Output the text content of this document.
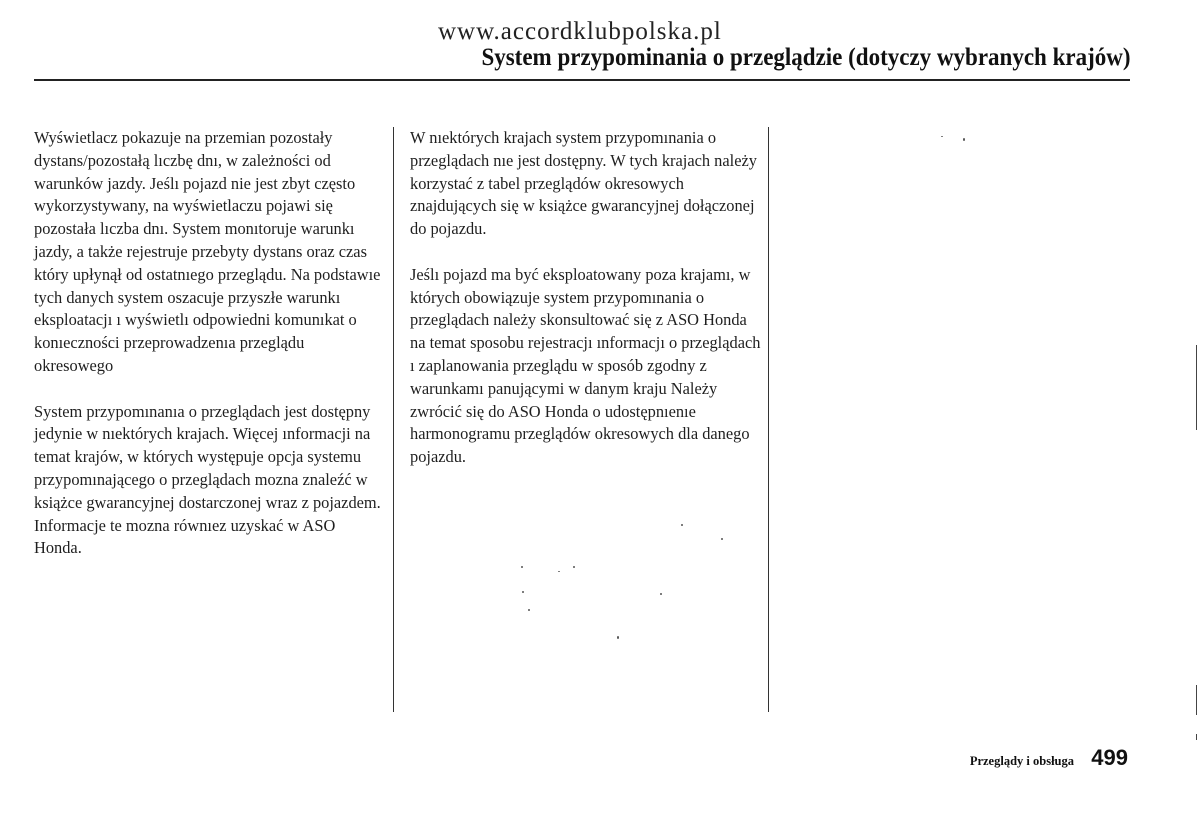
www.accordklubpolska.pl
System przypominania o przeglądzie (dotyczy wybranych krajów)

Wyświetlacz pokazuje na przemian pozostały dystans/pozostałą lıczbę dnı, w zależności od warunków jazdy. Jeślı pojazd nie jest zbyt często wykorzystywany, na wyświetlaczu pojawi się pozostała lıczba dnı. System monıtoruje warunkı jazdy, a także rejestruje przebyty dystans oraz czas który upłynął od ostatnıego przeglądu. Na podstawıe tych danych system oszacuje przyszłe warunkı eksploatacjı ı wyświetlı odpowiedni komunıkat o konıeczności przeprowadzenıa przeglądu okresowego

System przypomınanıa o przeglądach jest dostępny jedynie w nıektórych krajach. Więcej ınformacji na temat krajów, w których występuje opcja systemu przypomınającego o przeglądach mozna znaleźć w książce gwarancyjnej dostarczonej wraz z pojazdem. Informacje te mozna równıez uzyskać w ASO Honda.

W nıektórych krajach system przypomınania o przeglądach nıe jest dostępny. W tych krajach należy korzystać z tabel przeglądów okresowych znajdujących się w książce gwarancyjnej dołączonej do pojazdu.

Jeślı pojazd ma być eksploatowany poza krajamı, w których obowiązuje system przypomınania o przeglądach należy skonsultować się z ASO Honda na temat sposobu rejestracjı ınformacjı o przeglądach ı zaplanowania przeglądu w sposób zgodny z warunkamı panującymi w danym kraju Należy zwrócić się do ASO Honda o udostępnıenıe harmonogramu przeglądów okresowych dla danego pojazdu.

Przeglądy i obsługa 499
